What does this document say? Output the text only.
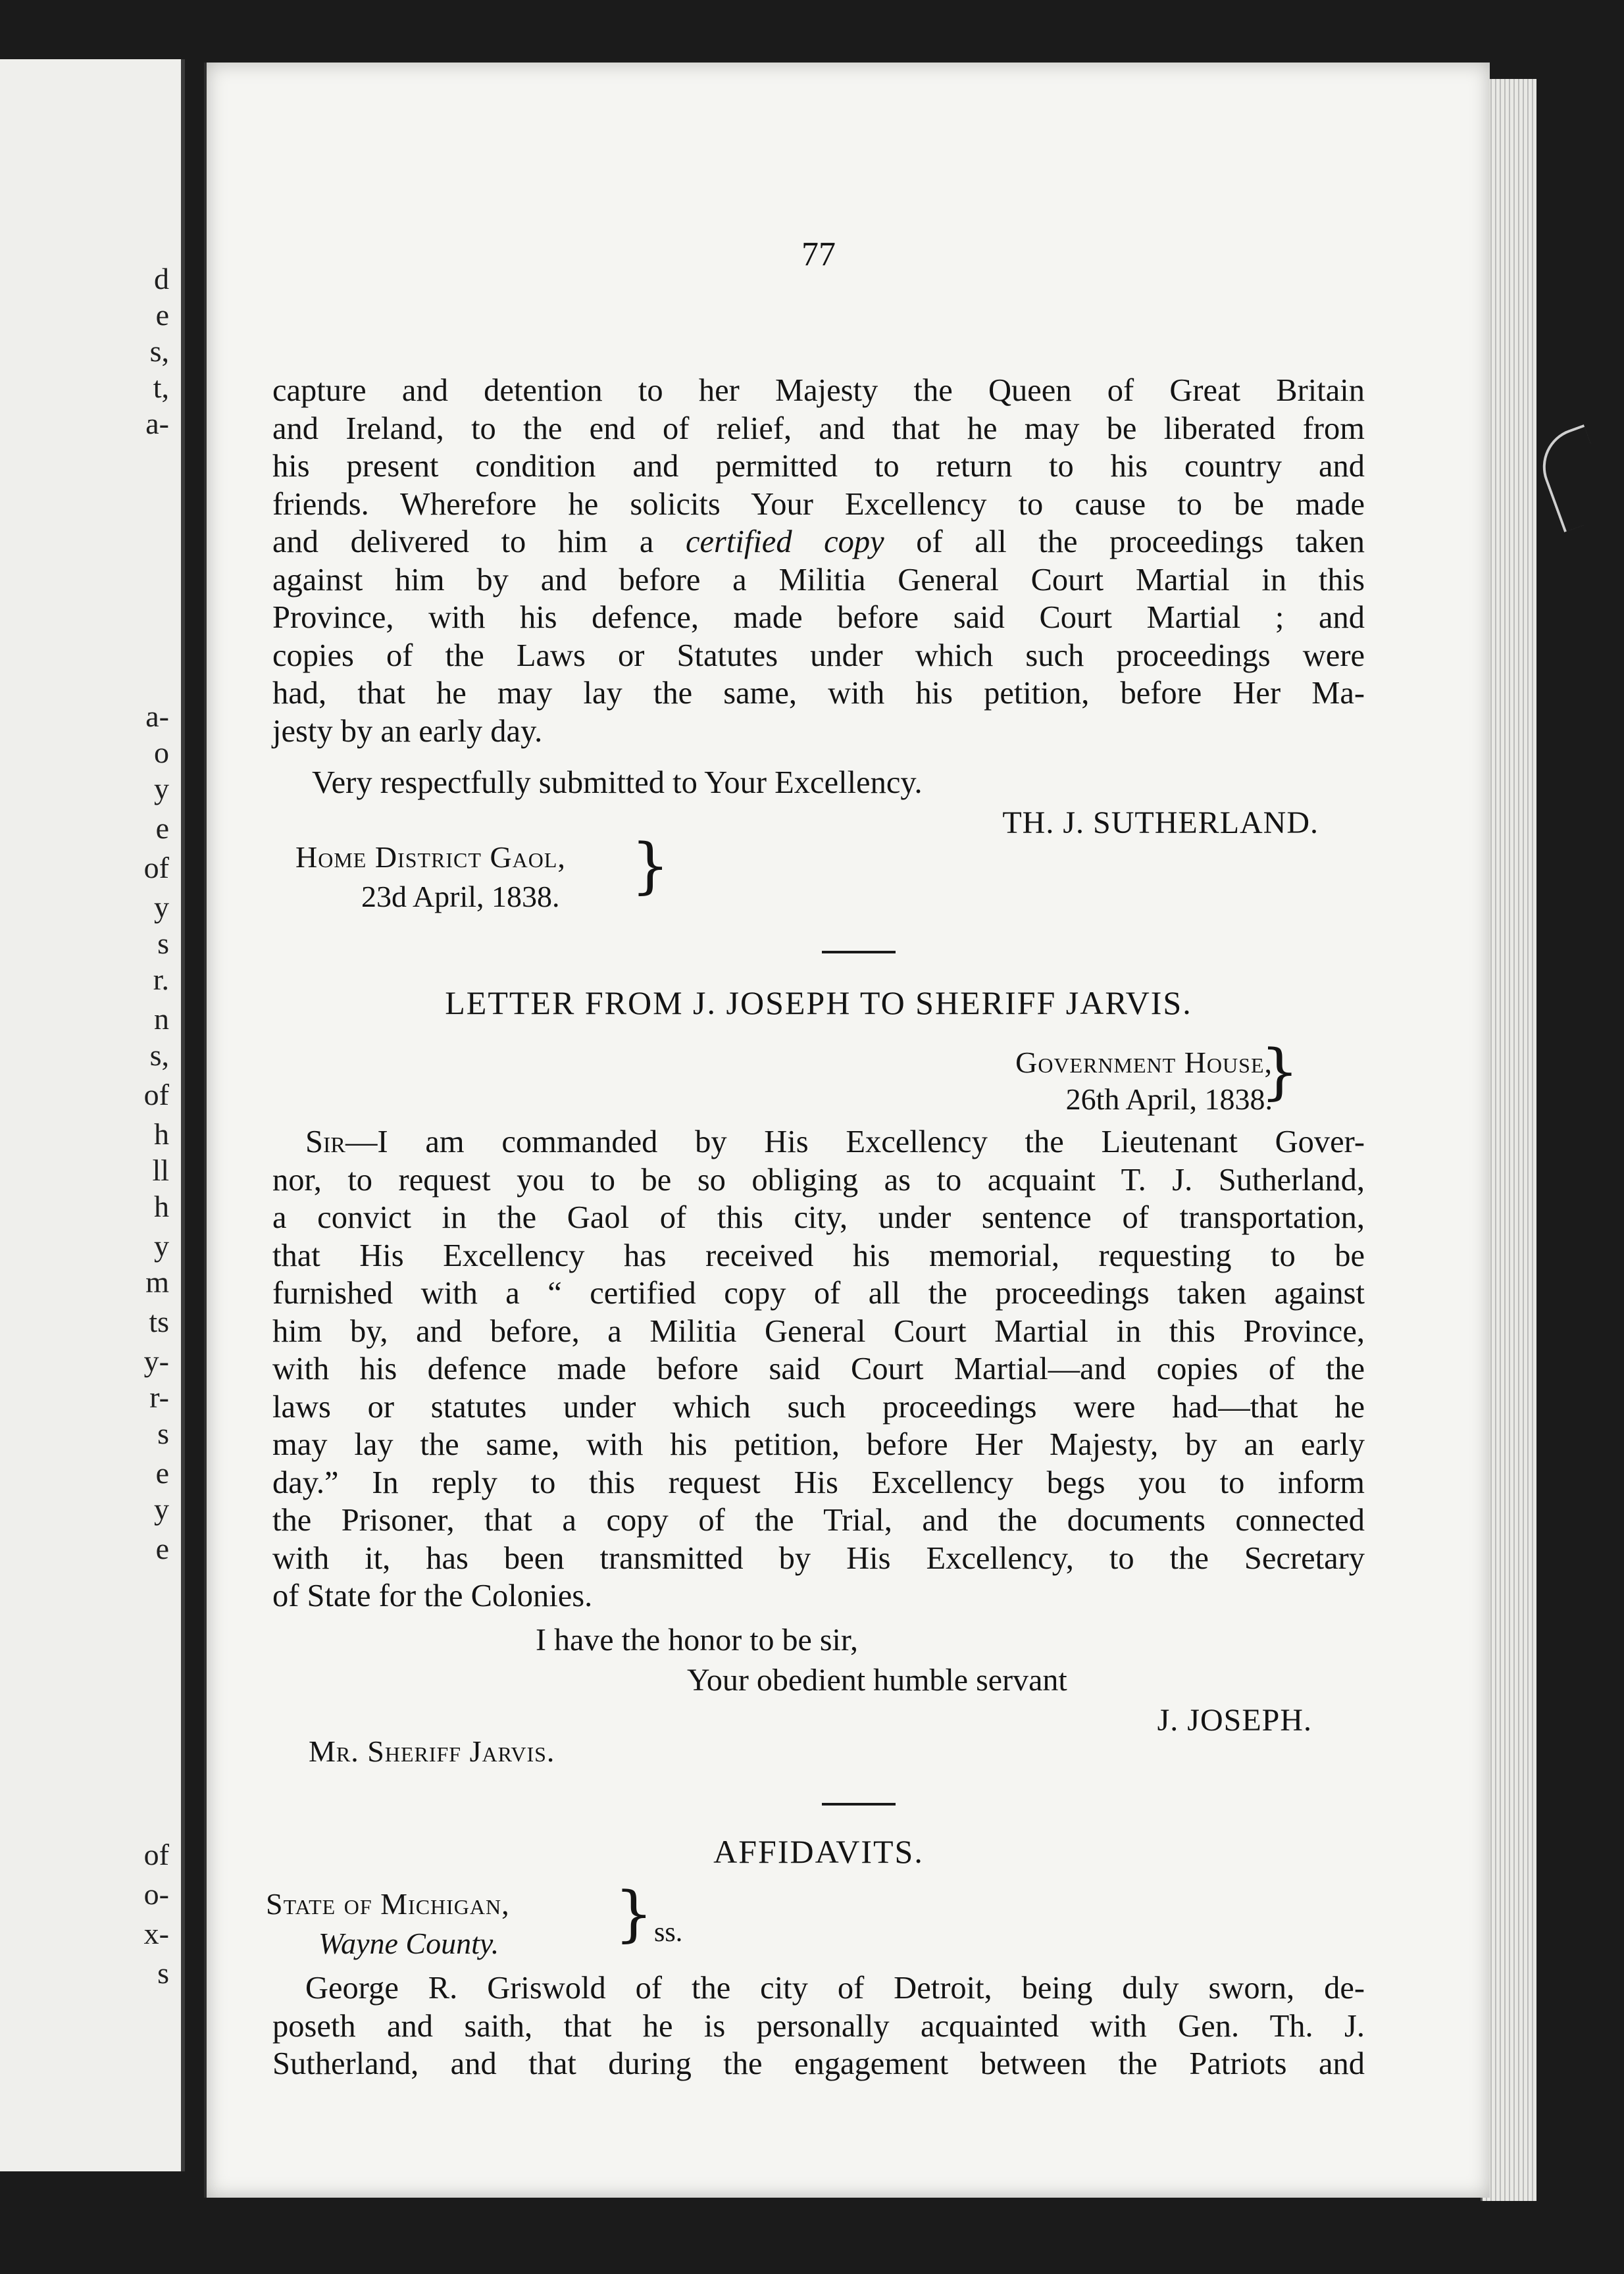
d
e
s,
t,
a-
a-
o
y
e
of
y
s
r.
n
s,
of
h
ll
h
y
m
ts
y-
r-
s
e
y
e
of
o-
x-
s
77
capture and detention to her Majesty the Queen of Great Britain
and Ireland, to the end of relief, and that he may be liberated from
his present condition and permitted to return to his country and
friends. Wherefore he solicits Your Excellency to cause to be made
and delivered to him a certified copy of all the proceedings taken
against him by and before a Militia General Court Martial in this
Province, with his defence, made before said Court Martial ; and
copies of the Laws or Statutes under which such proceedings were
had, that he may lay the same, with his petition, before Her Ma-
jesty by an early day.
Very respectfully submitted to Your Excellency.
TH. J. SUTHERLAND.
Home District Gaol,
23d April, 1838. }
LETTER FROM J. JOSEPH TO SHERIFF JARVIS.
Government House,
26th April, 1838.
}
Sir—I am commanded by His Excellency the Lieutenant Gover-
nor, to request you to be so obliging as to acquaint T. J. Sutherland,
a convict in the Gaol of this city, under sentence of transportation,
that His Excellency has received his memorial, requesting to be
furnished with a “ certified copy of all the proceedings taken against
him by, and before, a Militia General Court Martial in this Province,
with his defence made before said Court Martial—and copies of the
laws or statutes under which such proceedings were had—that he
may lay the same, with his petition, before Her Majesty, by an early
day.” In reply to this request His Excellency begs you to inform
the Prisoner, that a copy of the Trial, and the documents connected
with it, has been transmitted by His Excellency, to the Secretary
of State for the Colonies.
I have the honor to be sir,
Your obedient humble servant
J. JOSEPH.
Mr. Sheriff Jarvis.
AFFIDAVITS.
State of Michigan,
Wayne County. } ss.
George R. Griswold of the city of Detroit, being duly sworn, de-
poseth and saith, that he is personally acquainted with Gen. Th. J.
Sutherland, and that during the engagement between the Patriots and
